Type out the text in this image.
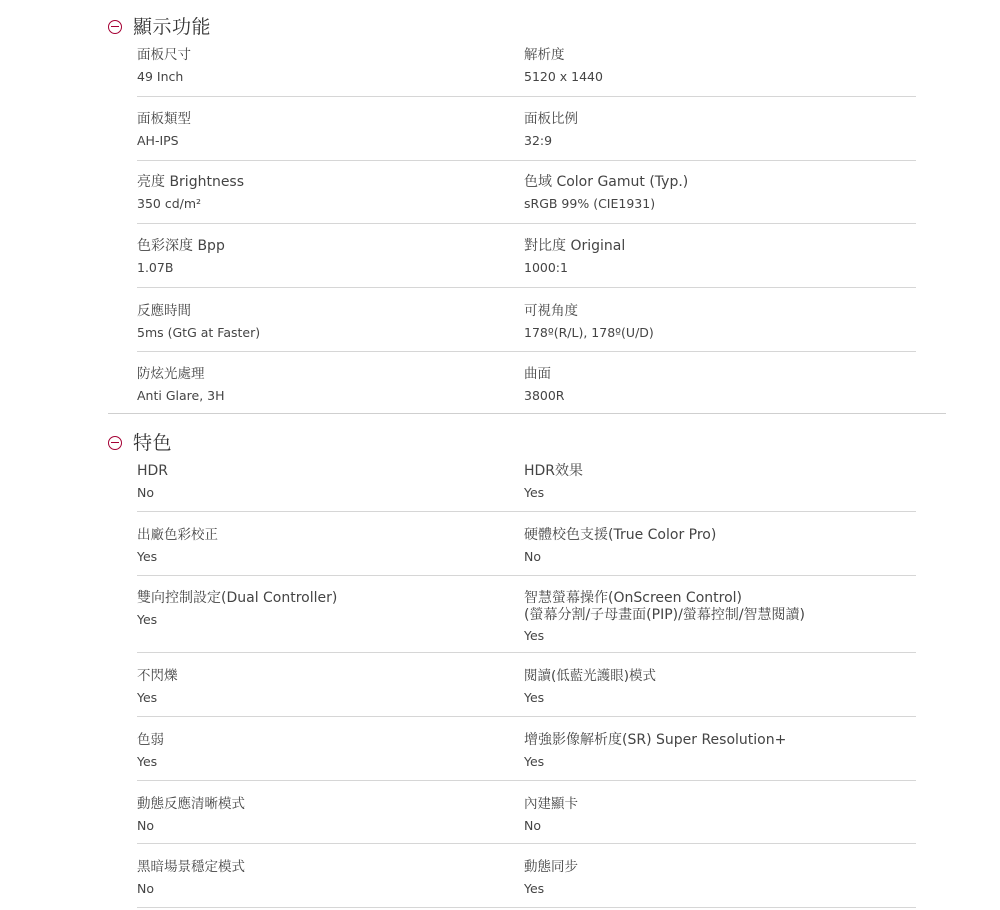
顯示功能
面板尺寸
49 Inch
解析度
5120 x 1440
面板類型
AH-IPS
面板比例
32:9
亮度 Brightness
350 cd/m²
色域 Color Gamut (Typ.)
sRGB 99% (CIE1931)
色彩深度 Bpp
1.07B
對比度 Original
1000:1
反應時間
5ms (GtG at Faster)
可視角度
178º(R/L), 178º(U/D)
防炫光處理
Anti Glare, 3H
曲面
3800R
特色
HDR
No
HDR效果
Yes
出廠色彩校正
Yes
硬體校色支援(True Color Pro)
No
雙向控制設定(Dual Controller)
Yes
智慧螢幕操作(OnScreen Control)
(螢幕分割/子母畫面(PIP)/螢幕控制/智慧閱讀)
Yes
不閃爍
Yes
閱讀(低藍光護眼)模式
Yes
色弱
Yes
增強影像解析度(SR) Super Resolution+
Yes
動態反應清晰模式
No
內建顯卡
No
黑暗場景穩定模式
No
動態同步
Yes
